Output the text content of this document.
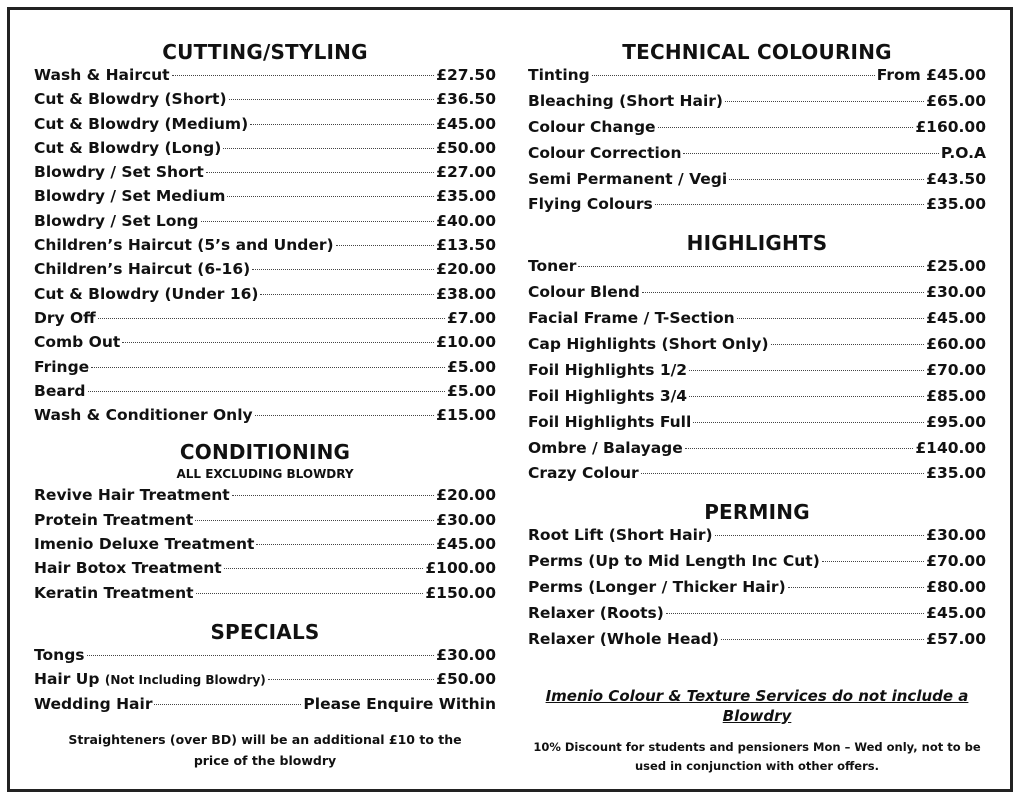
CUTTING/STYLING
Wash & Haircut	£27.50
Cut & Blowdry (Short)	£36.50
Cut & Blowdry (Medium)	£45.00
Cut & Blowdry (Long)	£50.00
Blowdry / Set Short	£27.00
Blowdry / Set Medium	£35.00
Blowdry / Set Long	£40.00
Children’s Haircut (5’s and Under)	£13.50
Children’s Haircut (6-16)	£20.00
Cut & Blowdry (Under 16)	£38.00
Dry Off	£7.00
Comb Out	£10.00
Fringe	£5.00
Beard	£5.00
Wash & Conditioner Only	£15.00
CONDITIONING
ALL EXCLUDING BLOWDRY
Revive Hair Treatment	£20.00
Protein Treatment	£30.00
Imenio Deluxe Treatment	£45.00
Hair Botox Treatment	£100.00
Keratin Treatment	£150.00
SPECIALS
Tongs	£30.00
Hair Up (Not Including Blowdry)	£50.00
Wedding Hair	Please Enquire Within
Straighteners (over BD) will be an additional £10 to the
price of the blowdry
TECHNICAL COLOURING
Tinting	From £45.00
Bleaching (Short Hair)	£65.00
Colour Change	£160.00
Colour Correction	P.O.A
Semi Permanent / Vegi	£43.50
Flying Colours	£35.00
HIGHLIGHTS
Toner	£25.00
Colour Blend	£30.00
Facial Frame / T-Section	£45.00
Cap Highlights (Short Only)	£60.00
Foil Highlights 1/2	£70.00
Foil Highlights 3/4	£85.00
Foil Highlights Full	£95.00
Ombre / Balayage	£140.00
Crazy Colour	£35.00
PERMING
Root Lift (Short Hair)	£30.00
Perms (Up to Mid Length Inc Cut)	£70.00
Perms (Longer / Thicker Hair)	£80.00
Relaxer (Roots)	£45.00
Relaxer (Whole Head)	£57.00
Imenio Colour & Texture Services do not include a Blowdry
10% Discount for students and pensioners Mon – Wed only, not to be
used in conjunction with other offers.
